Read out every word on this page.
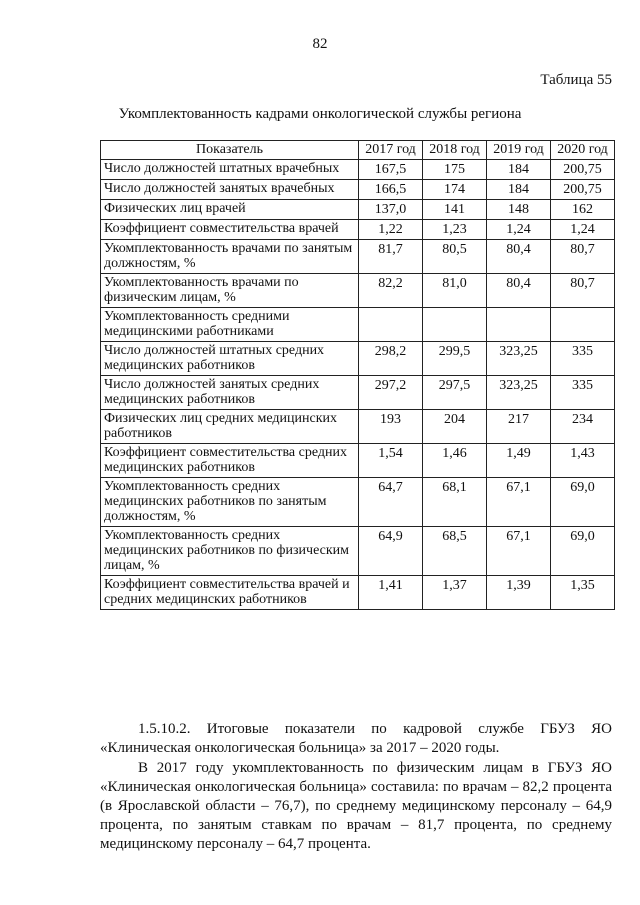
82
Таблица 55
Укомплектованность кадрами онкологической службы региона
Показатель	2017 год	2018 год	2019 год	2020 год
Число должностей штатных врачебных	167,5	175	184	200,75
Число должностей занятых врачебных	166,5	174	184	200,75
Физических лиц врачей	137,0	141	148	162
Коэффициент совместительства врачей	1,22	1,23	1,24	1,24
Укомплектованность врачами по занятым должностям, %	81,7	80,5	80,4	80,7
Укомплектованность врачами по физическим лицам, %	82,2	81,0	80,4	80,7
Укомплектованность средними медицинскими работниками				
Число должностей штатных средних медицинских работников	298,2	299,5	323,25	335
Число должностей занятых средних медицинских работников	297,2	297,5	323,25	335
Физических лиц средних медицинских работников	193	204	217	234
Коэффициент совместительства средних медицинских работников	1,54	1,46	1,49	1,43
Укомплектованность средних медицинских работников по занятым должностям, %	64,7	68,1	67,1	69,0
Укомплектованность средних медицинских работников по физическим лицам, %	64,9	68,5	67,1	69,0
Коэффициент совместительства врачей и средних медицинских работников	1,41	1,37	1,39	1,35

1.5.10.2. Итоговые показатели по кадровой службе ГБУЗ ЯО «Клиническая онкологическая больница» за 2017 – 2020 годы.

В 2017 году укомплектованность по физическим лицам в ГБУЗ ЯО «Клиническая онкологическая больница» составила: по врачам – 82,2 процента (в Ярославской области – 76,7), по среднему медицинскому персоналу – 64,9 процента, по занятым ставкам по врачам – 81,7 процента, по среднему медицинскому персоналу – 64,7 процента.
